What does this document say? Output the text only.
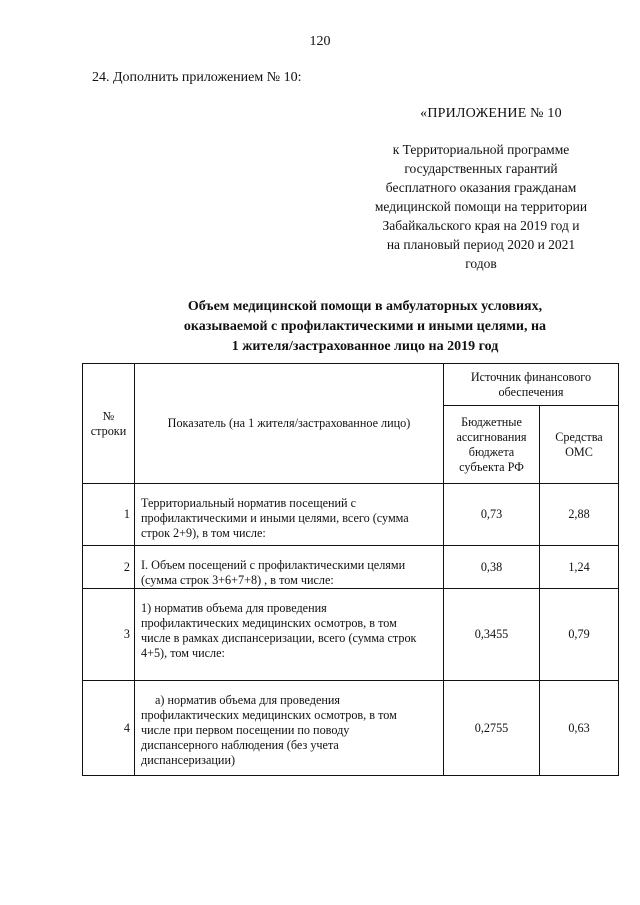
120
24. Дополнить приложением № 10:
«ПРИЛОЖЕНИЕ № 10
к Территориальной программе
государственных гарантий
бесплатного оказания гражданам
медицинской помощи на территории
Забайкальского края на 2019 год и
на плановый период 2020 и 2021
годов
Объем медицинской помощи в амбулаторных условиях,
оказываемой с профилактическими и иными целями, на
1 жителя/застрахованное лицо на 2019 год
№
строки	Показатель (на 1 жителя/застрахованное лицо)	Источник финансового
обеспечения	

		Бюджетные
ассигнования
бюджета
субъекта РФ	Средства
ОМС

1	Территориальный норматив посещений с
профилактическими и иными целями, всего (сумма
строк 2+9), в том числе:	0,73	2,88
2	I. Объем посещений с профилактическими целями
(сумма строк 3+6+7+8) , в том числе:	0,38	1,24
3	1) норматив объема для проведения
профилактических медицинских осмотров, в том
числе в рамках диспансеризации, всего (сумма строк
4+5), том числе:	0,3455	0,79
4	а) норматив объема для проведения
профилактических медицинских осмотров, в том
числе при первом посещении по поводу
диспансерного наблюдения (без учета
диспансеризации)	0,2755	0,63
